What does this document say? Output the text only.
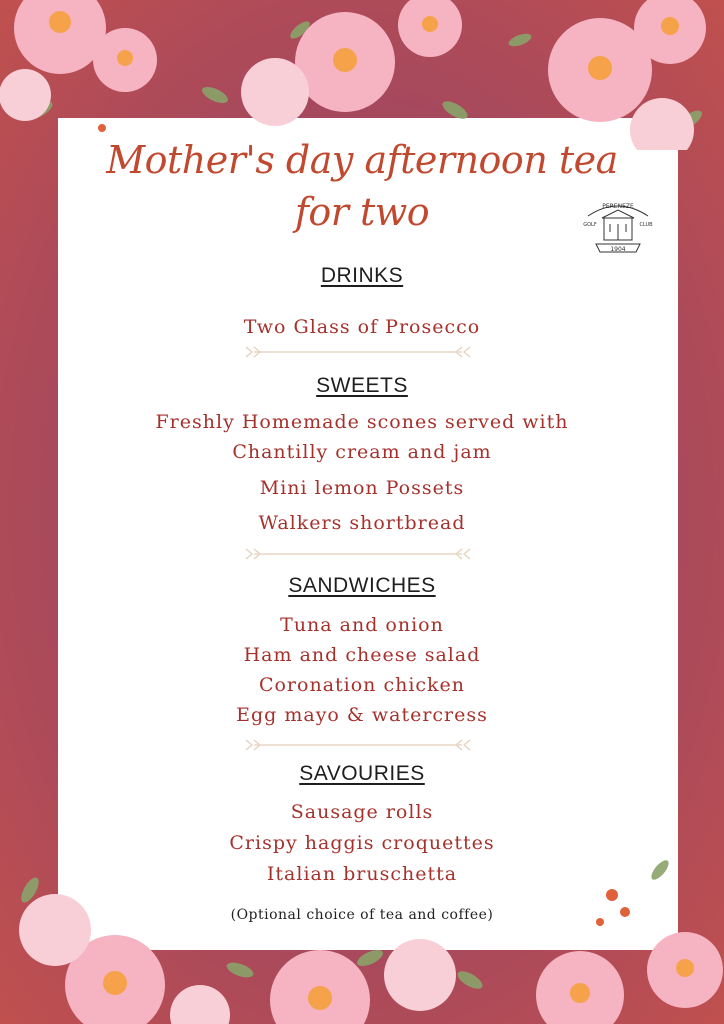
Mother's day afternoon tea
for two	PERENEZE
GOLF	CLUB
1904
DRINKS
Two Glass of Prosecco
SWEETS
Freshly Homemade scones served with
Chantilly cream and jam
Mini lemon Possets
Walkers shortbread
SANDWICHES
Tuna and onion
Ham and cheese salad
Coronation chicken
Egg mayo & watercress
SAVOURIES
Sausage rolls
Crispy haggis croquettes
Italian bruschetta
(Optional choice of tea and coffee)
